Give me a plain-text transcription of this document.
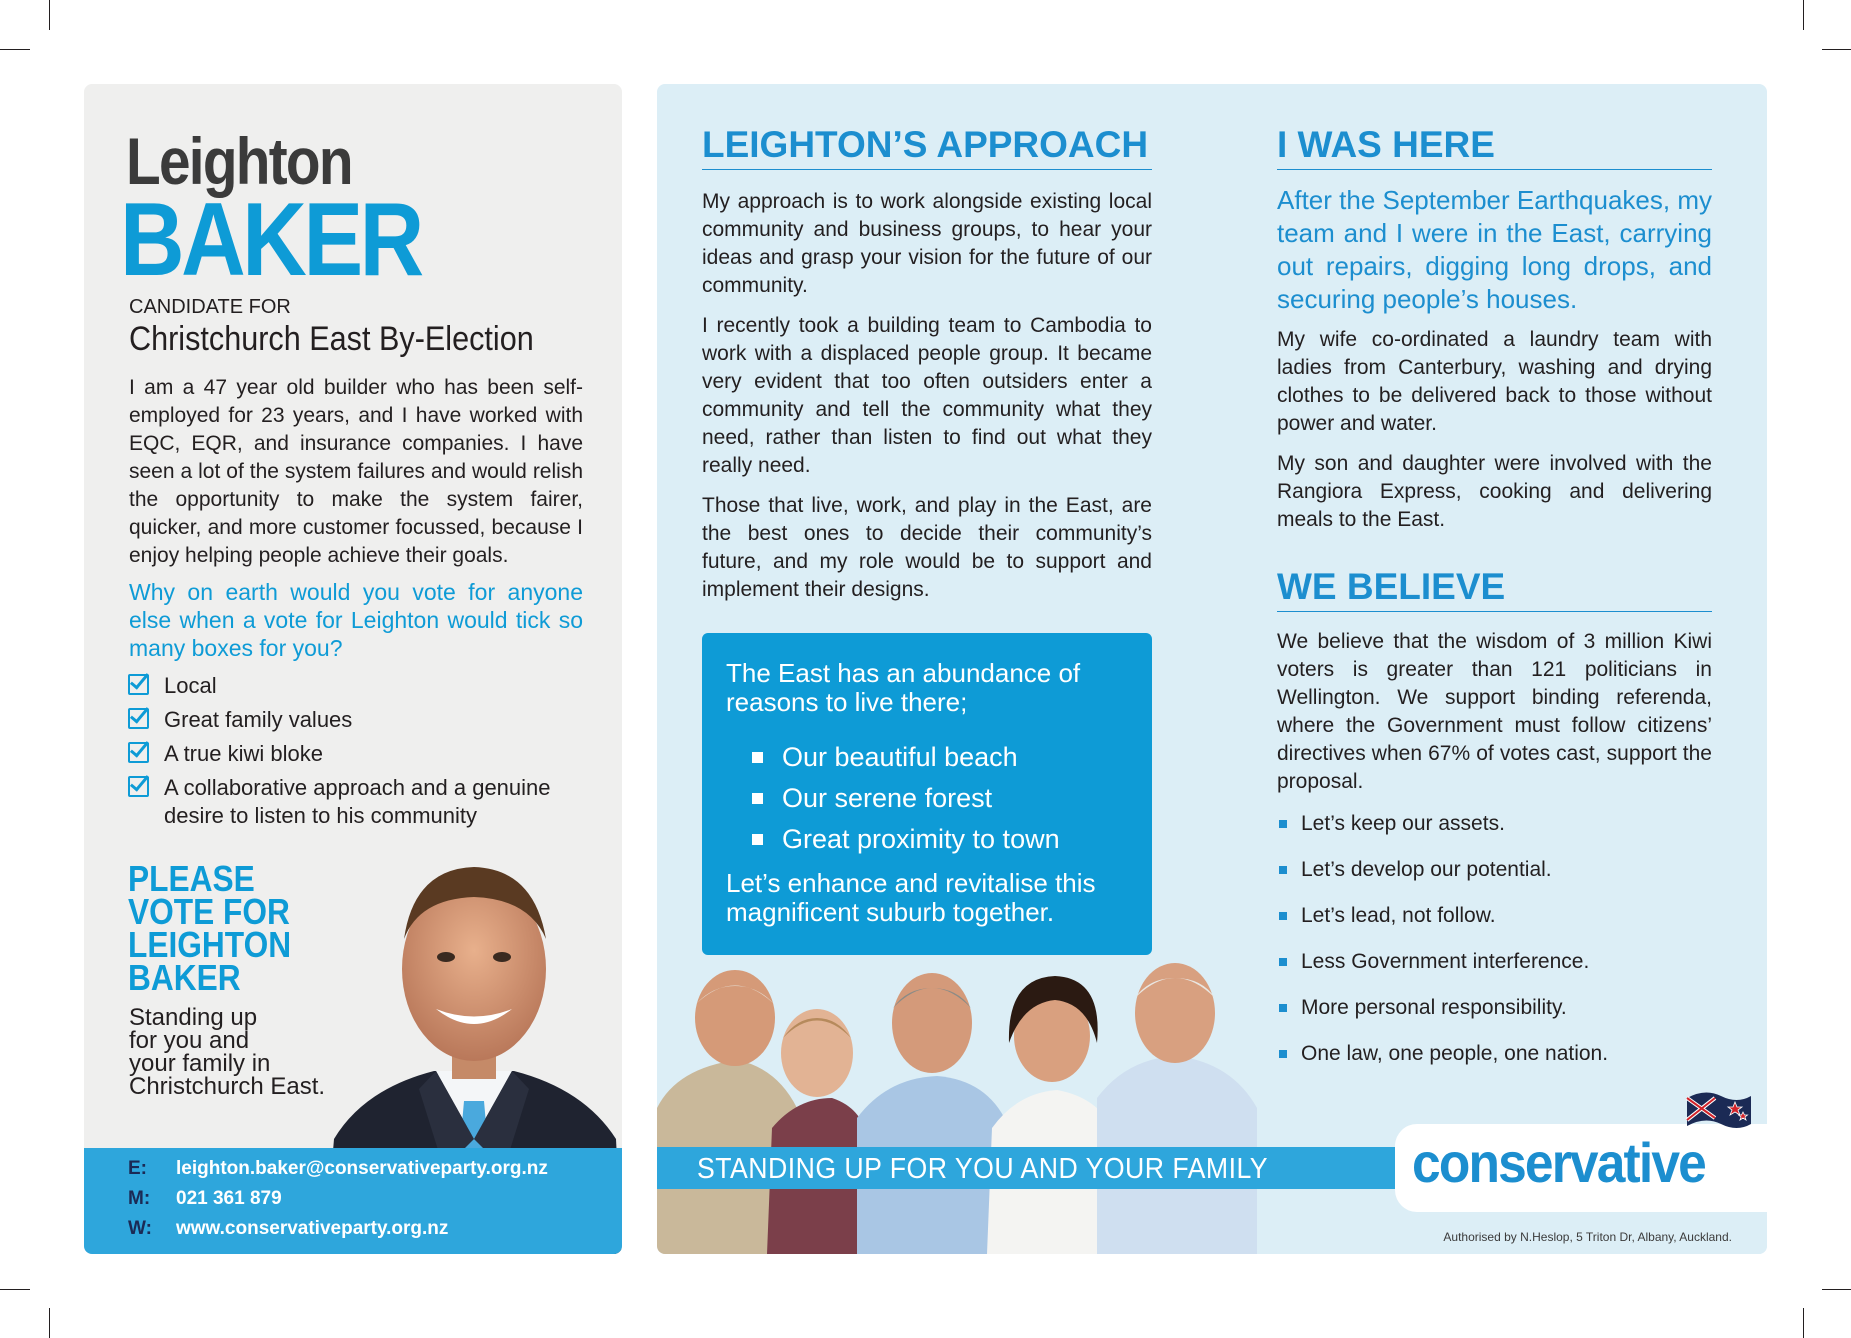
Leighton
BAKER
CANDIDATE FOR
Christchurch East By-Election
I am a 47 year old builder who has been self-employed for 23 years, and I have worked with EQC, EQR, and insurance companies. I have seen a lot of the system failures and would relish the opportunity to make the system fairer, quicker, and more customer focussed, because I enjoy helping people achieve their goals.
Why on earth would you vote for anyone else when a vote for Leighton would tick so many boxes for you?
Local
Great family values
A true kiwi bloke
A collaborative approach and a genuine desire to listen to his community
PLEASE
VOTE FOR
LEIGHTON
BAKER
Standing up
for you and
your family in
Christchurch East.
E: leighton.baker@conservativeparty.org.nz
M: 021 361 879
W: www.conservativeparty.org.nz
LEIGHTON’S APPROACH

My approach is to work alongside existing local community and business groups, to hear your ideas and grasp your vision for the future of our community.

I recently took a building team to Cambodia to work with a displaced people group. It became very evident that too often outsiders enter a community and tell the community what they need, rather than listen to find out what they really need.

Those that live, work, and play in the East, are the best ones to decide their community’s future, and my role would be to support and implement their designs.

The East has an abundance of reasons to live there;
Our beautiful beach
Our serene forest
Great proximity to town
Let’s enhance and revitalise this magnificent suburb together.
I WAS HERE
After the September Earthquakes, my team and I were in the East, carrying out repairs, digging long drops, and securing people’s houses.

My wife co-ordinated a laundry team with ladies from Canterbury, washing and drying clothes to be delivered back to those without power and water.

My son and daughter were involved with the Rangiora Express, cooking and delivering meals to the East.

WE BELIEVE
We believe that the wisdom of 3 million Kiwi voters is greater than 121 politicians in Wellington. We support binding referenda, where the Government must follow citizens’ directives when 67% of votes cast, support the proposal.
Let’s keep our assets.
Let’s develop our potential.
Let’s lead, not follow.
Less Government interference.
More personal responsibility.
One law, one people, one nation.
STANDING UP FOR YOU AND YOUR FAMILY	conservative
Authorised by N.Heslop, 5 Triton Dr, Albany, Auckland.
